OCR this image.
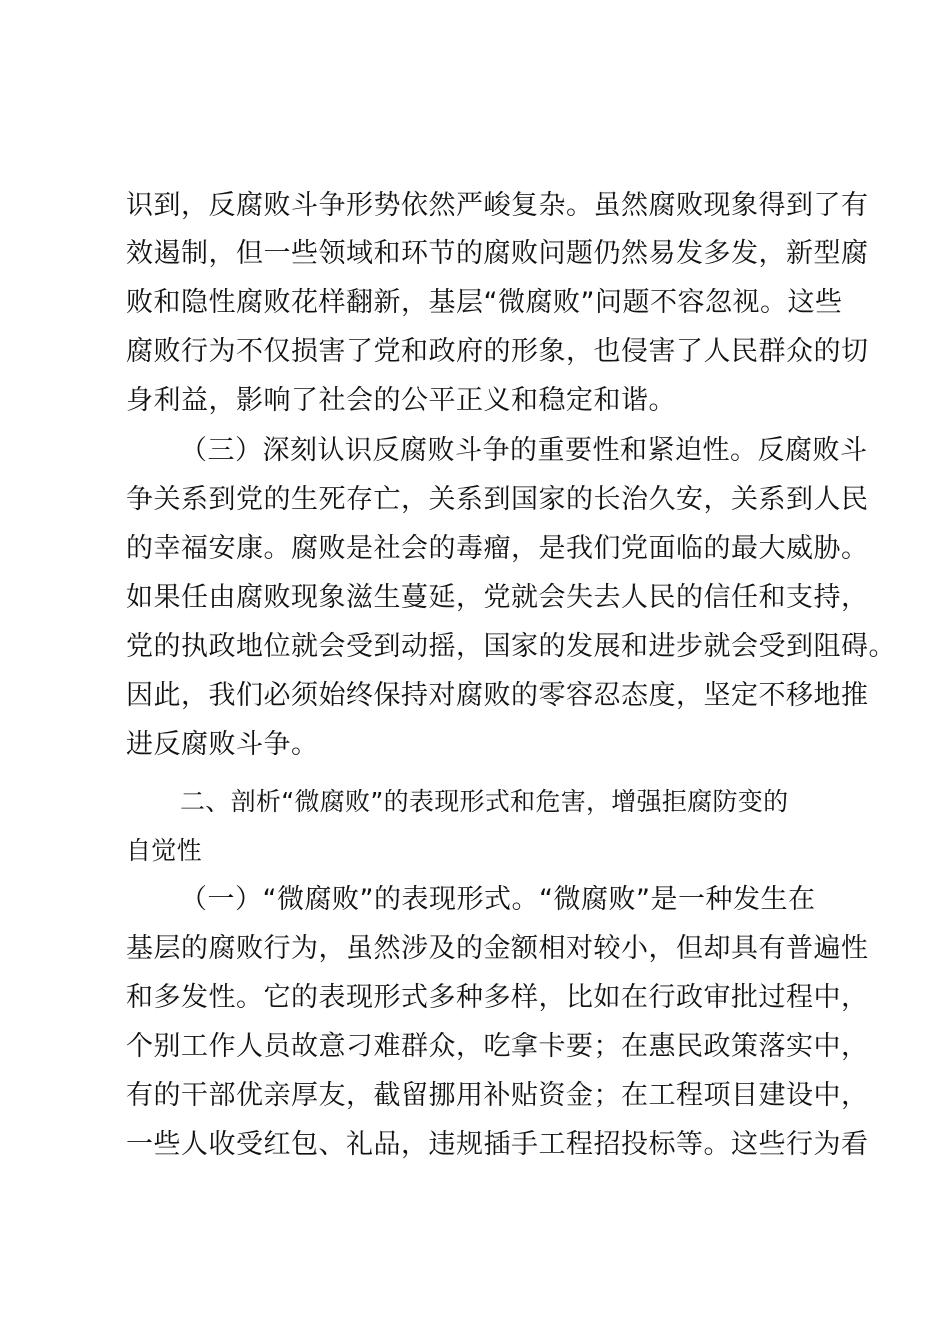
识到，反腐败斗争形势依然严峻复杂。虽然腐败现象得到了有
效遏制，但一些领域和环节的腐败问题仍然易发多发，新型腐
败和隐性腐败花样翻新，基层“微腐败”问题不容忽视。这些
腐败行为不仅损害了党和政府的形象，也侵害了人民群众的切
身利益，影响了社会的公平正义和稳定和谐。
（三）深刻认识反腐败斗争的重要性和紧迫性。反腐败斗
争关系到党的生死存亡，关系到国家的长治久安，关系到人民
的幸福安康。腐败是社会的毒瘤，是我们党面临的最大威胁。
如果任由腐败现象滋生蔓延，党就会失去人民的信任和支持，
党的执政地位就会受到动摇，国家的发展和进步就会受到阻碍。
因此，我们必须始终保持对腐败的零容忍态度，坚定不移地推
进反腐败斗争。
二、剖析“微腐败”的表现形式和危害，增强拒腐防变的
自觉性
（一）“微腐败”的表现形式。“微腐败”是一种发生在
基层的腐败行为，虽然涉及的金额相对较小，但却具有普遍性
和多发性。它的表现形式多种多样，比如在行政审批过程中，
个别工作人员故意刁难群众，吃拿卡要；在惠民政策落实中，
有的干部优亲厚友，截留挪用补贴资金；在工程项目建设中，
一些人收受红包、礼品，违规插手工程招投标等。这些行为看
